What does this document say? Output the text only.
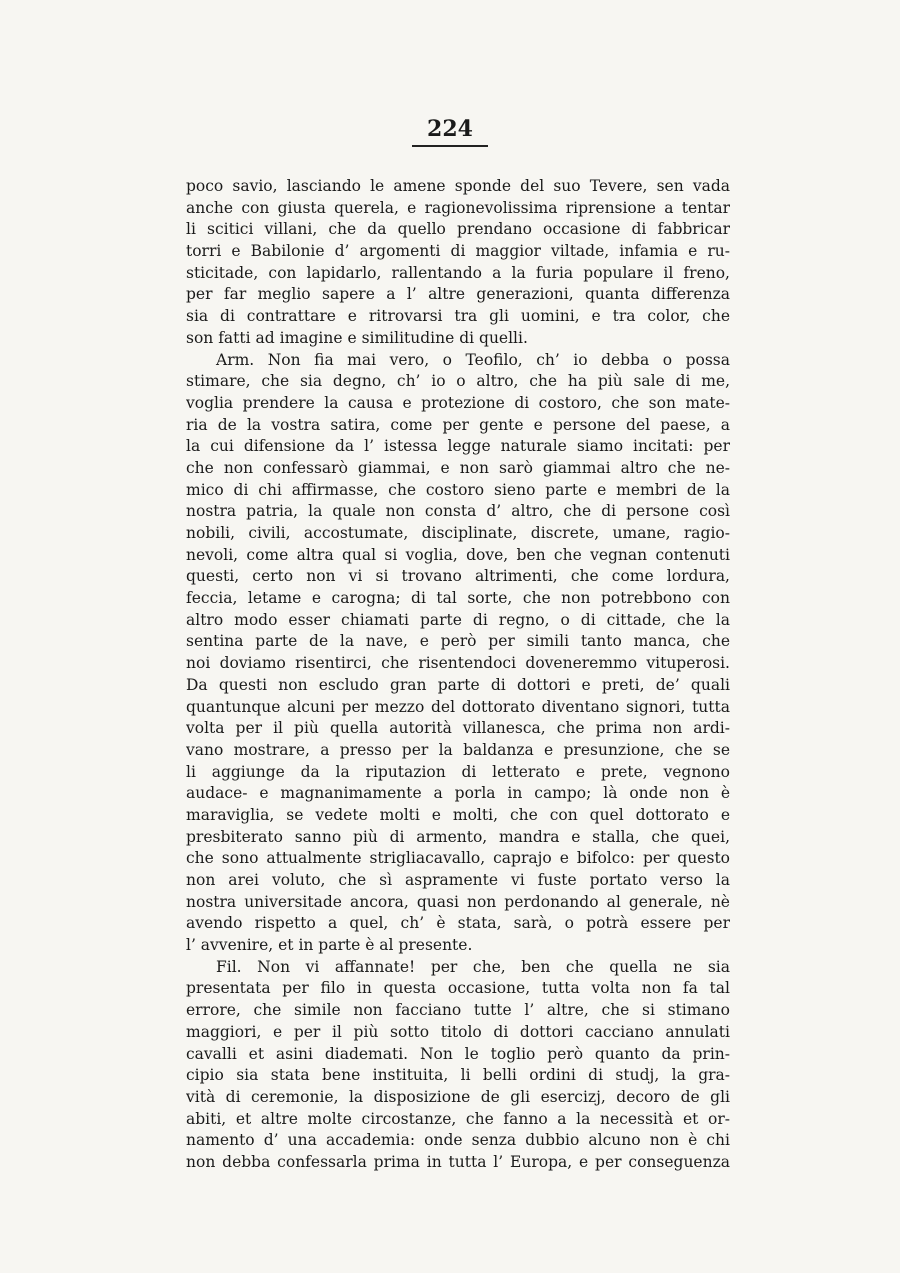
224
poco savio, lasciando le amene sponde del suo Tevere, sen vada
anche con giusta querela, e ragionevolissima riprensione a tentar
li scitici villani, che da quello prendano occasione di fabbricar
torri e Babilonie d’ argomenti di maggior viltade, infamia e ru-
sticitade, con lapidarlo, rallentando a la furia populare il freno,
per far meglio sapere a l’ altre generazioni, quanta differenza
sia di contrattare e ritrovarsi tra gli uomini, e tra color, che
son fatti ad imagine e similitudine di quelli.
Arm. Non fia mai vero, o Teofilo, ch’ io debba o possa
stimare, che sia degno, ch’ io o altro, che ha più sale di me,
voglia prendere la causa e protezione di costoro, che son mate-
ria de la vostra satira, come per gente e persone del paese, a
la cui difensione da l’ istessa legge naturale siamo incitati: per
che non confessarò giammai, e non sarò giammai altro che ne-
mico di chi affirmasse, che costoro sieno parte e membri de la
nostra patria, la quale non consta d’ altro, che di persone così
nobili, civili, accostumate, disciplinate, discrete, umane, ragio-
nevoli, come altra qual si voglia, dove, ben che vegnan contenuti
questi, certo non vi si trovano altrimenti, che come lordura,
feccia, letame e carogna; di tal sorte, che non potrebbono con
altro modo esser chiamati parte di regno, o di cittade, che la
sentina parte de la nave, e però per simili tanto manca, che
noi doviamo risentirci, che risentendoci doveneremmo vituperosi.
Da questi non escludo gran parte di dottori e preti, de’ quali
quantunque alcuni per mezzo del dottorato diventano signori, tutta
volta per il più quella autorità villanesca, che prima non ardi-
vano mostrare, a presso per la baldanza e presunzione, che se
li aggiunge da la riputazion di letterato e prete, vegnono
audace- e magnanimamente a porla in campo; là onde non è
maraviglia, se vedete molti e molti, che con quel dottorato e
presbiterato sanno più di armento, mandra e stalla, che quei,
che sono attualmente strigliacavallo, caprajo e bifolco: per questo
non arei voluto, che sì aspramente vi fuste portato verso la
nostra universitade ancora, quasi non perdonando al generale, nè
avendo rispetto a quel, ch’ è stata, sarà, o potrà essere per
l’ avvenire, et in parte è al presente.
Fil. Non vi affannate! per che, ben che quella ne sia
presentata per filo in questa occasione, tutta volta non fa tal
errore, che simile non facciano tutte l’ altre, che si stimano
maggiori, e per il più sotto titolo di dottori cacciano annulati
cavalli et asini diademati. Non le toglio però quanto da prin-
cipio sia stata bene instituita, li belli ordini di studj, la gra-
vità di ceremonie, la disposizione de gli esercizj, decoro de gli
abiti, et altre molte circostanze, che fanno a la necessità et or-
namento d’ una accademia: onde senza dubbio alcuno non è chi
non debba confessarla prima in tutta l’ Europa, e per conseguenza
